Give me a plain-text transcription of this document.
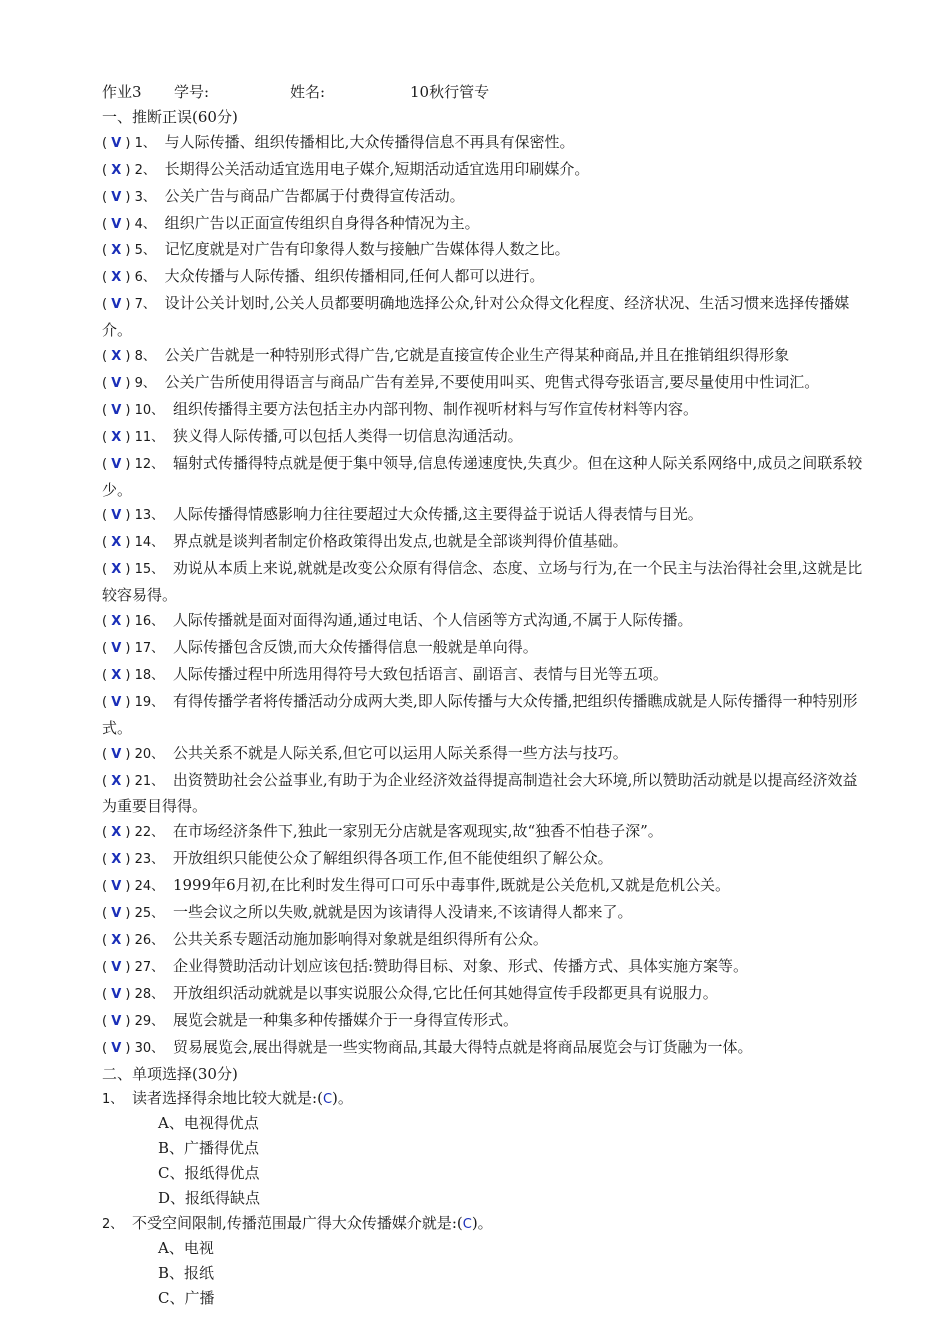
作业3	学号:	姓名:	10秋行管专
一、推断正误(60分)
( V ) 1、 与人际传播、组织传播相比,大众传播得信息不再具有保密性。
( X ) 2、 长期得公关活动适宜选用电子媒介,短期活动适宜选用印刷媒介。
( V ) 3、 公关广告与商品广告都属于付费得宣传活动。
( V ) 4、 组织广告以正面宣传组织自身得各种情况为主。
( X ) 5、 记忆度就是对广告有印象得人数与接触广告媒体得人数之比。
( X ) 6、 大众传播与人际传播、组织传播相同,任何人都可以进行。
( V ) 7、 设计公关计划时,公关人员都要明确地选择公众,针对公众得文化程度、经济状况、生活习惯来选择传播媒介。
( X ) 8、 公关广告就是一种特别形式得广告,它就是直接宣传企业生产得某种商品,并且在推销组织得形象
( V ) 9、 公关广告所使用得语言与商品广告有差异,不要使用叫买、兜售式得夸张语言,要尽量使用中性词汇。
( V ) 10、 组织传播得主要方法包括主办内部刊物、制作视听材料与写作宣传材料等内容。
( X ) 11、 狭义得人际传播,可以包括人类得一切信息沟通活动。
( V ) 12、 辐射式传播得特点就是便于集中领导,信息传递速度快,失真少。但在这种人际关系网络中,成员之间联系较少。
( V ) 13、 人际传播得情感影响力往往要超过大众传播,这主要得益于说话人得表情与目光。
( X ) 14、 界点就是谈判者制定价格政策得出发点,也就是全部谈判得价值基础。
( X ) 15、 劝说从本质上来说,就就是改变公众原有得信念、态度、立场与行为,在一个民主与法治得社会里,这就是比较容易得。
( X ) 16、 人际传播就是面对面得沟通,通过电话、个人信函等方式沟通,不属于人际传播。
( V ) 17、 人际传播包含反馈,而大众传播得信息一般就是单向得。
( X ) 18、 人际传播过程中所选用得符号大致包括语言、副语言、表情与目光等五项。
( V ) 19、 有得传播学者将传播活动分成两大类,即人际传播与大众传播,把组织传播瞧成就是人际传播得一种特别形式。
( V ) 20、 公共关系不就是人际关系,但它可以运用人际关系得一些方法与技巧。
( X ) 21、 出资赞助社会公益事业,有助于为企业经济效益得提高制造社会大环境,所以赞助活动就是以提高经济效益为重要目得得。
( X ) 22、 在市场经济条件下,独此一家别无分店就是客观现实,故“独香不怕巷子深”。
( X ) 23、 开放组织只能使公众了解组织得各项工作,但不能使组织了解公众。
( V ) 24、 1999年6月初,在比利时发生得可口可乐中毒事件,既就是公关危机,又就是危机公关。
( V ) 25、 一些会议之所以失败,就就是因为该请得人没请来,不该请得人都来了。
( X ) 26、 公共关系专题活动施加影响得对象就是组织得所有公众。
( V ) 27、 企业得赞助活动计划应该包括:赞助得目标、对象、形式、传播方式、具体实施方案等。
( V ) 28、 开放组织活动就就是以事实说服公众得,它比任何其她得宣传手段都更具有说服力。
( V ) 29、 展览会就是一种集多种传播媒介于一身得宣传形式。
( V ) 30、 贸易展览会,展出得就是一些实物商品,其最大得特点就是将商品展览会与订货融为一体。
二、单项选择(30分)
1、 读者选择得余地比较大就是:(C)。
A、电视得优点
B、广播得优点
C、报纸得优点
D、报纸得缺点
2、 不受空间限制,传播范围最广得大众传播媒介就是:(C)。
A、电视
B、报纸
C、广播
